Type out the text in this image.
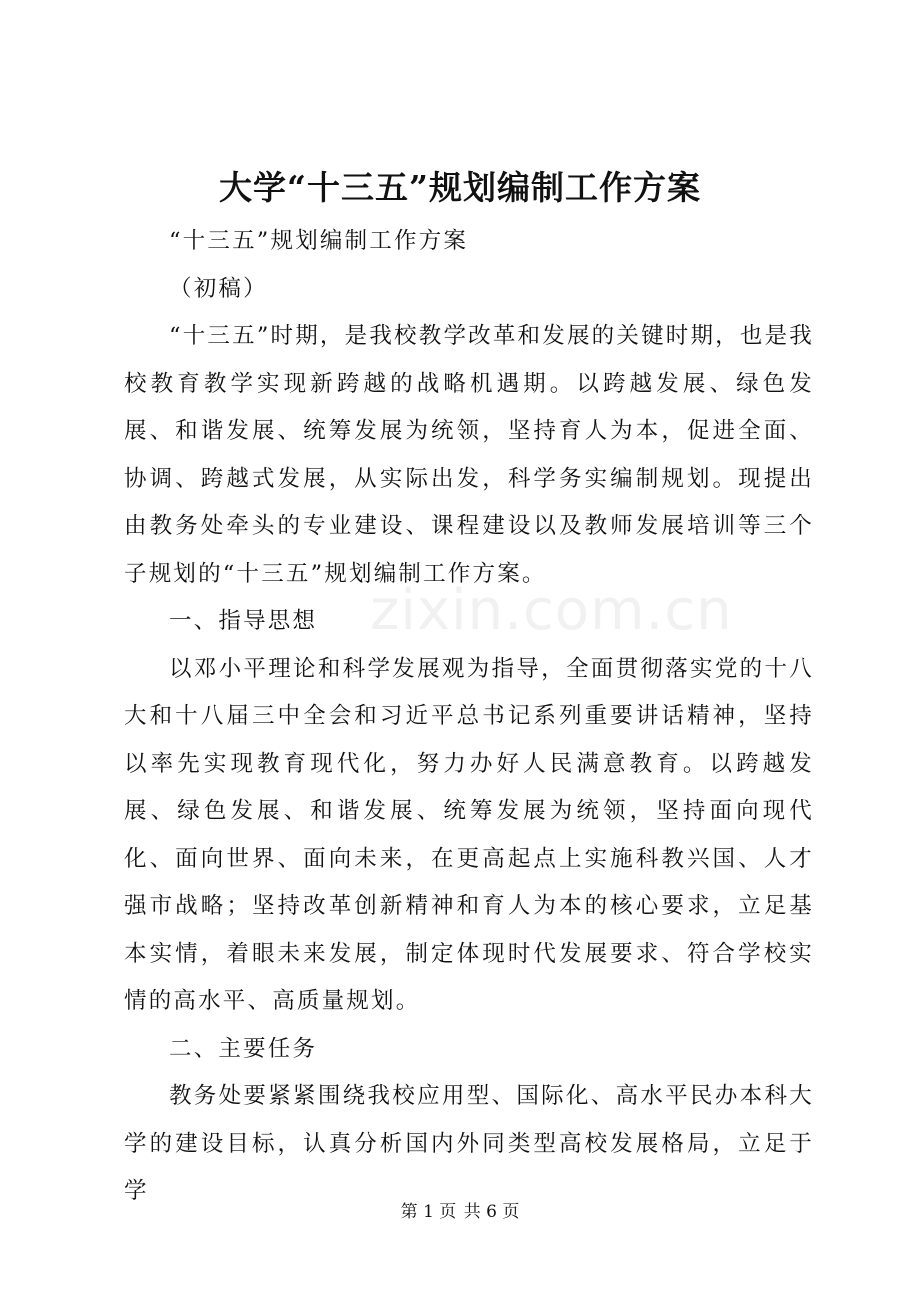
大学“十三五”规划编制工作方案

“十三五”规划编制工作方案

（初稿）

“十三五”时期，是我校教学改革和发展的关键时期，也是我校教育教学实现新跨越的战略机遇期。以跨越发展、绿色发展、和谐发展、统筹发展为统领，坚持育人为本，促进全面、协调、跨越式发展，从实际出发，科学务实编制规划。现提出由教务处牵头的专业建设、课程建设以及教师发展培训等三个子规划的“十三五”规划编制工作方案。

一、指导思想

以邓小平理论和科学发展观为指导，全面贯彻落实党的十八大和十八届三中全会和习近平总书记系列重要讲话精神，坚持以率先实现教育现代化，努力办好人民满意教育。以跨越发展、绿色发展、和谐发展、统筹发展为统领，坚持面向现代化、面向世界、面向未来，在更高起点上实施科教兴国、人才强市战略；坚持改革创新精神和育人为本的核心要求，立足基本实情，着眼未来发展，制定体现时代发展要求、符合学校实情的高水平、高质量规划。

二、主要任务

教务处要紧紧围绕我校应用型、国际化、高水平民办本科大学的建设目标，认真分析国内外同类型高校发展格局，立足于学

zixin.com.cn
第 1 页 共 6 页
